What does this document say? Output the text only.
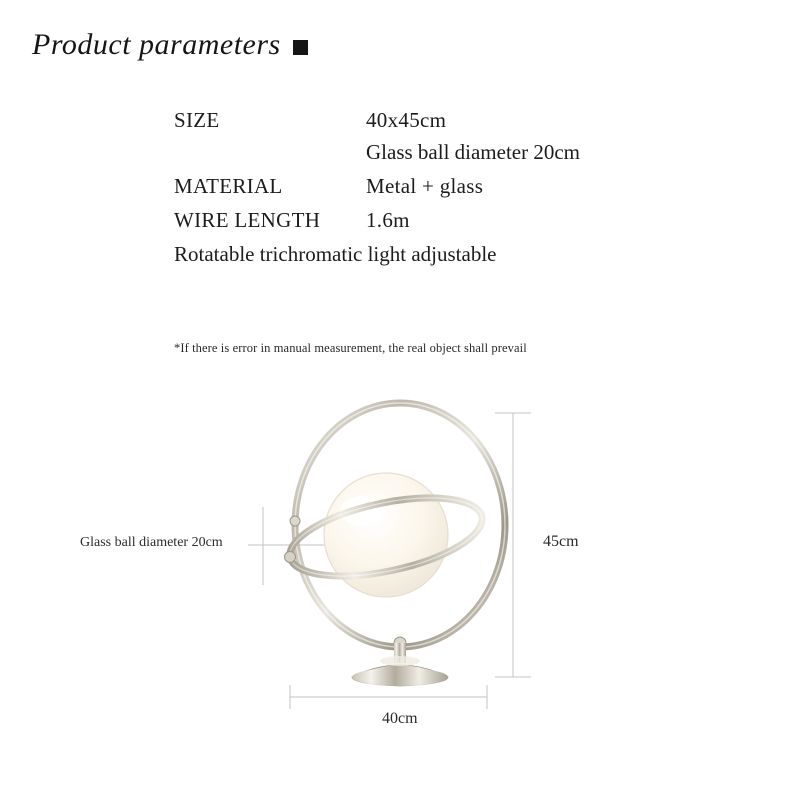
Product parameters
SIZE	40x45cm
Glass ball diameter 20cm
MATERIAL	Metal + glass
WIRE LENGTH	1.6m
Rotatable trichromatic light adjustable
*If there is error in manual measurement, the real object shall prevail
Glass ball diameter 20cm	45cm
40cm
